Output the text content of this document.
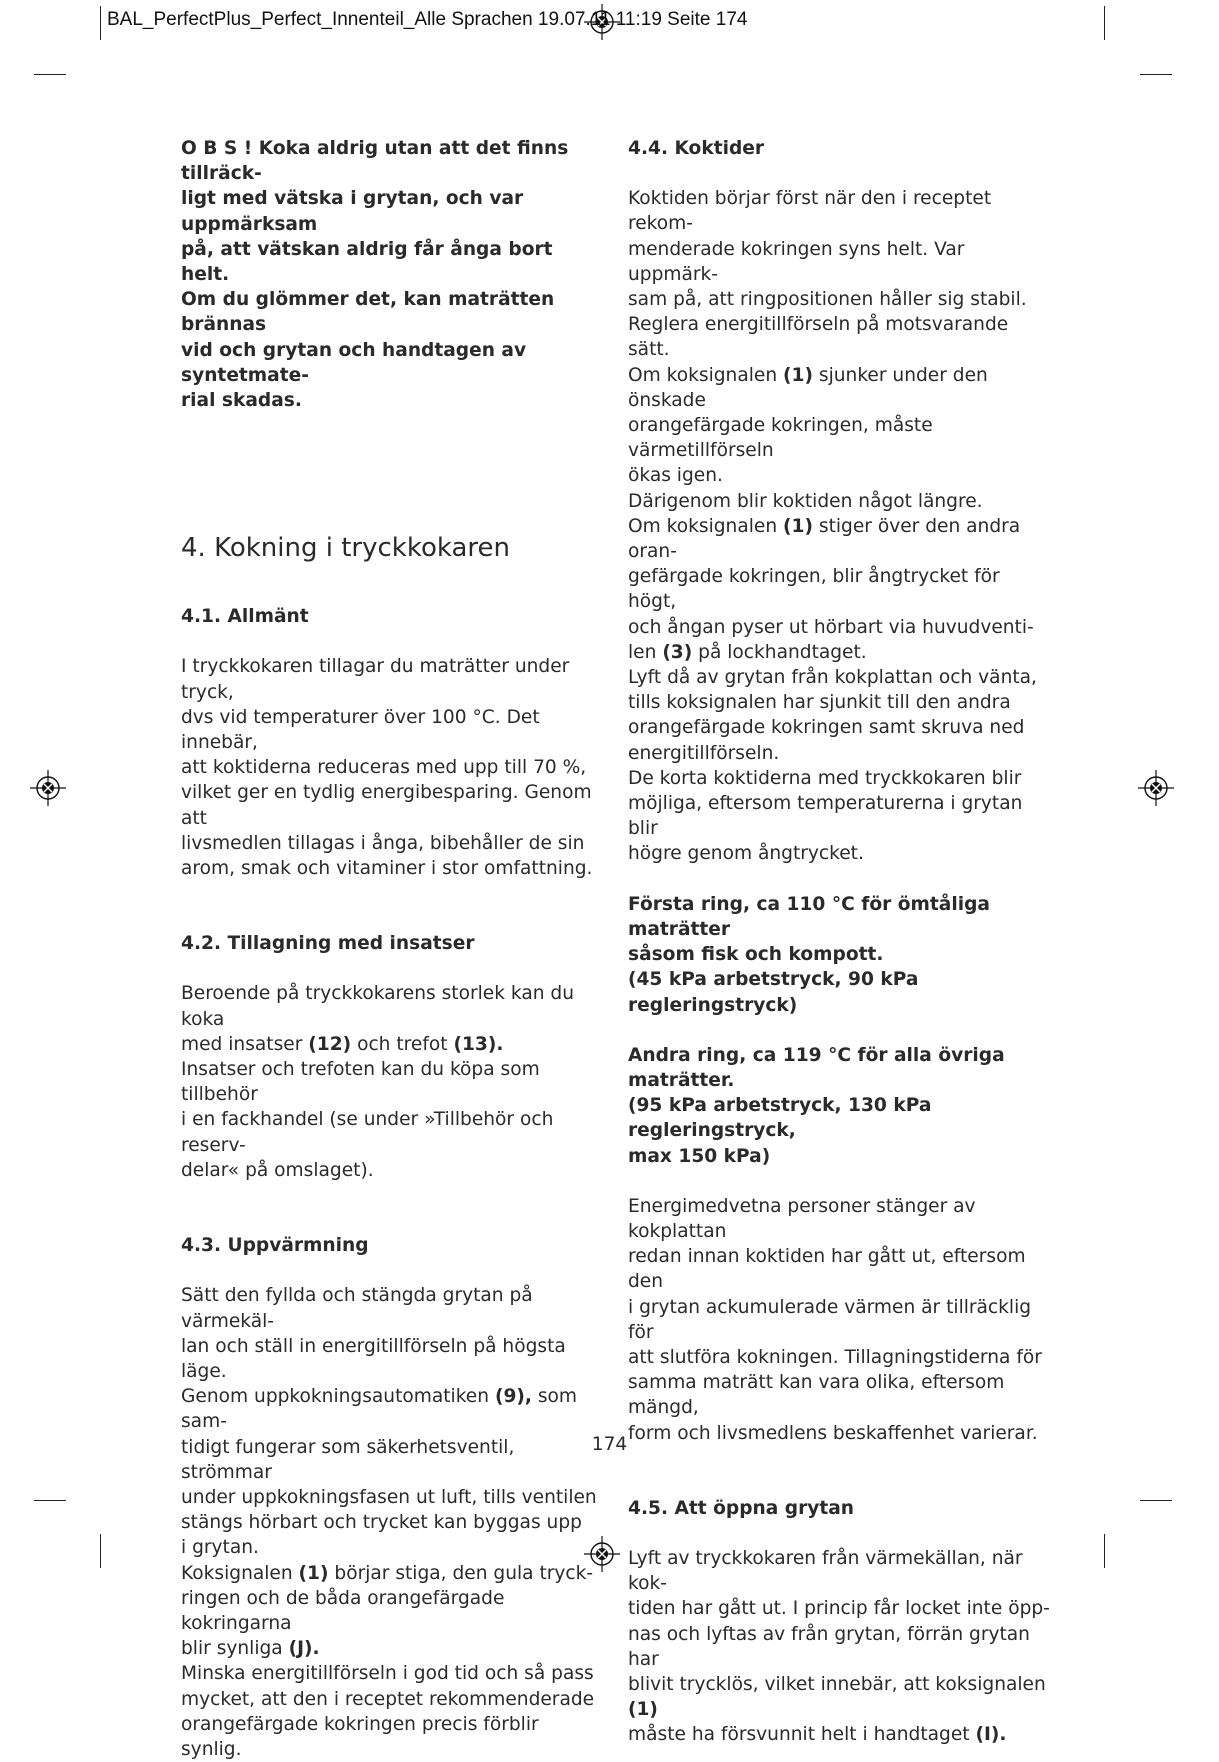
BAL_PerfectPlus_Perfect_Innenteil_Alle Sprachen 19.07.11 11:19 Seite 174

O B S ! Koka aldrig utan att det finns tillräck-

ligt med vätska i grytan, och var uppmärksam

på, att vätskan aldrig får ånga bort helt.

Om du glömmer det, kan maträtten brännas

vid och grytan och handtagen av syntetmate-

rial skadas.

4. Kokning i tryckkokaren

4.1. Allmänt

I tryckkokaren tillagar du maträtter under tryck,

dvs vid temperaturer över 100 °C. Det innebär,

att koktiderna reduceras med upp till 70 %,

vilket ger en tydlig energibesparing. Genom att

livsmedlen tillagas i ånga, bibehåller de sin

arom, smak och vitaminer i stor omfattning.

4.2. Tillagning med insatser

Beroende på tryckkokarens storlek kan du koka

med insatser (12) och trefot (13).

Insatser och trefoten kan du köpa som tillbehör

i en fackhandel (se under »Tillbehör och reserv-

delar« på omslaget).

4.3. Uppvärmning

Sätt den fyllda och stängda grytan på värmekäl-

lan och ställ in energitillförseln på högsta läge.

Genom uppkokningsautomatiken (9), som sam-

tidigt fungerar som säkerhetsventil, strömmar

under uppkokningsfasen ut luft, tills ventilen

stängs hörbart och trycket kan byggas upp

i grytan.

Koksignalen (1) börjar stiga, den gula tryck-

ringen och de båda orangefärgade kokringarna

blir synliga (J).

Minska energitillförseln i god tid och så pass

mycket, att den i receptet rekommenderade

orangefärgade kokringen precis förblir synlig.

4.4. Koktider

Koktiden börjar först när den i receptet rekom-

menderade kokringen syns helt. Var uppmärk-

sam på, att ringpositionen håller sig stabil.

Reglera energitillförseln på motsvarande sätt.

Om koksignalen (1) sjunker under den önskade

orangefärgade kokringen, måste värmetillförseln

ökas igen.

Därigenom blir koktiden något längre.

Om koksignalen (1) stiger över den andra oran-

gefärgade kokringen, blir ångtrycket för högt,

och ångan pyser ut hörbart via huvudventi-

len (3) på lockhandtaget.

Lyft då av grytan från kokplattan och vänta,

tills koksignalen har sjunkit till den andra

orangefärgade kokringen samt skruva ned

energitillförseln.

De korta koktiderna med tryckkokaren blir

möjliga, eftersom temperaturerna i grytan blir

högre genom ångtrycket.

Första ring, ca 110 °C för ömtåliga maträtter

såsom fisk och kompott.

(45 kPa arbetstryck, 90 kPa regleringstryck)

Andra ring, ca 119 °C för alla övriga maträtter.

(95 kPa arbetstryck, 130 kPa regleringstryck,

max 150 kPa)

Energimedvetna personer stänger av kokplattan

redan innan koktiden har gått ut, eftersom den

i grytan ackumulerade värmen är tillräcklig för

att slutföra kokningen. Tillagningstiderna för

samma maträtt kan vara olika, eftersom mängd,

form och livsmedlens beskaffenhet varierar.

4.5. Att öppna grytan

Lyft av tryckkokaren från värmekällan, när kok-

tiden har gått ut. I princip får locket inte öpp-

nas och lyftas av från grytan, förrän grytan har

blivit trycklös, vilket innebär, att koksignalen (1)

måste ha försvunnit helt i handtaget (I).

174
